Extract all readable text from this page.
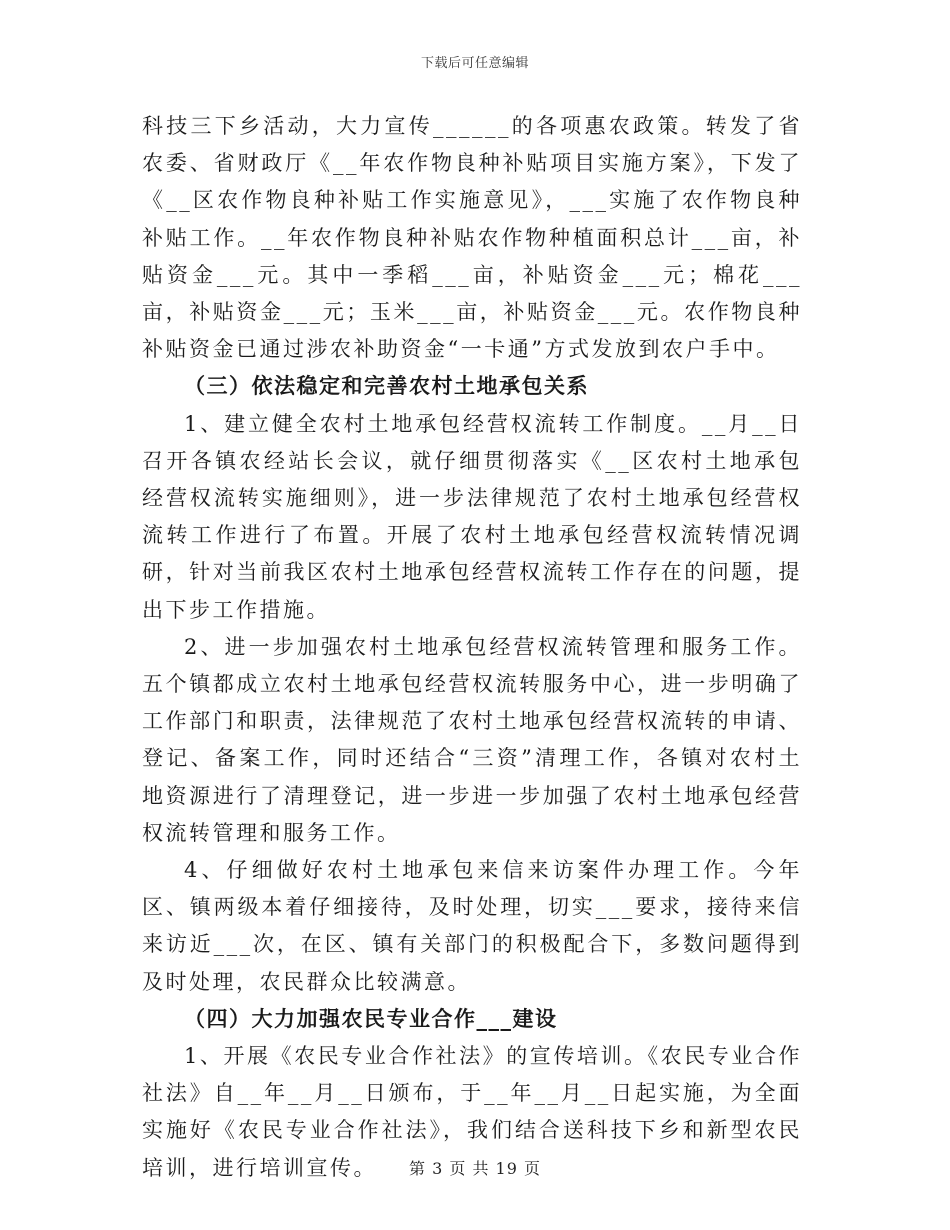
下载后可任意编辑

科技三下乡活动，大力宣传______的各项惠农政策。转发了省农委、省财政厅《__年农作物良种补贴项目实施方案》，下发了《__区农作物良种补贴工作实施意见》，___实施了农作物良种补贴工作。__年农作物良种补贴农作物种植面积总计___亩，补贴资金___元。其中一季稻___亩，补贴资金___元；棉花___亩，补贴资金___元；玉米___亩，补贴资金___元。农作物良种补贴资金已通过涉农补助资金“一卡通”方式发放到农户手中。

（三）依法稳定和完善农村土地承包关系

1、建立健全农村土地承包经营权流转工作制度。__月__日召开各镇农经站长会议，就仔细贯彻落实《__区农村土地承包经营权流转实施细则》，进一步法律规范了农村土地承包经营权流转工作进行了布置。开展了农村土地承包经营权流转情况调研，针对当前我区农村土地承包经营权流转工作存在的问题，提出下步工作措施。

2、进一步加强农村土地承包经营权流转管理和服务工作。五个镇都成立农村土地承包经营权流转服务中心，进一步明确了工作部门和职责，法律规范了农村土地承包经营权流转的申请、登记、备案工作，同时还结合“三资”清理工作，各镇对农村土地资源进行了清理登记，进一步进一步加强了农村土地承包经营权流转管理和服务工作。

4、仔细做好农村土地承包来信来访案件办理工作。今年区、镇两级本着仔细接待，及时处理，切实___要求，接待来信来访近___次，在区、镇有关部门的积极配合下，多数问题得到及时处理，农民群众比较满意。

（四）大力加强农民专业合作___建设

1、开展《农民专业合作社法》的宣传培训。《农民专业合作社法》自__年__月__日颁布，于__年__月__日起实施，为全面实施好《农民专业合作社法》，我们结合送科技下乡和新型农民培训，进行培训宣传。	第 3 页 共 19 页
